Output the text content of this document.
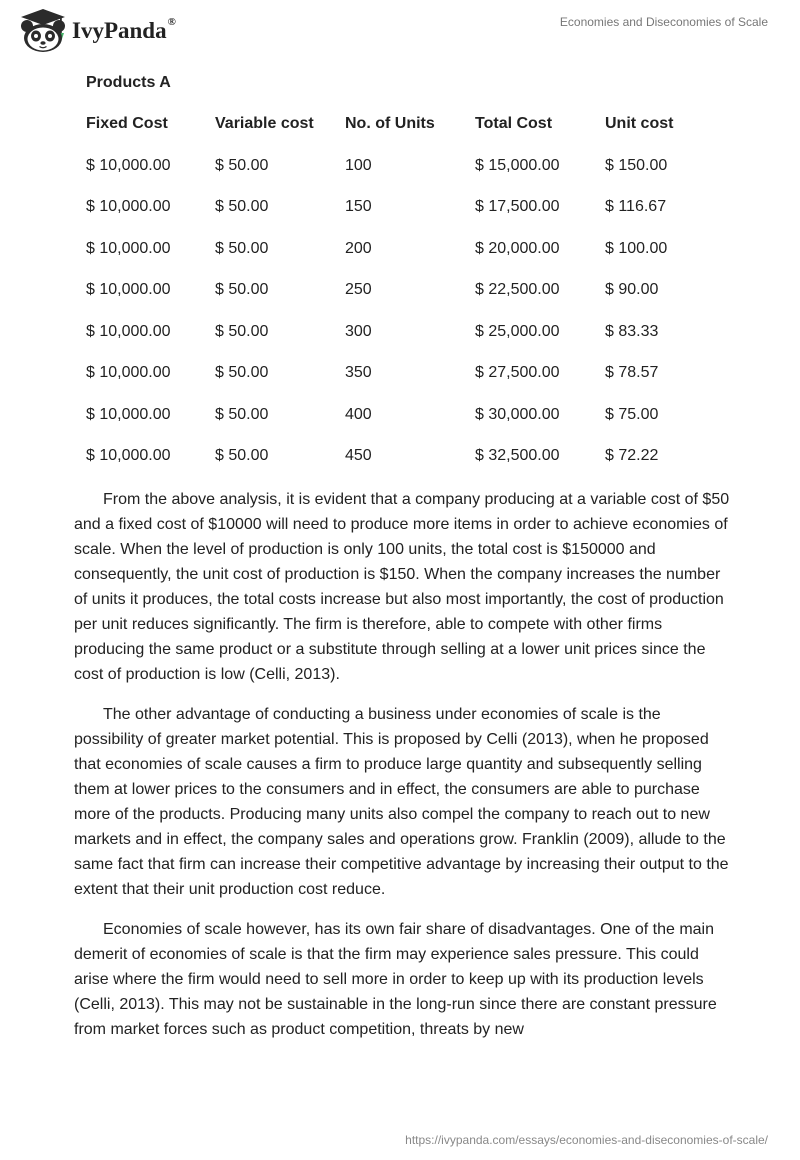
IvyPanda®	Economies and Diseconomies of Scale
Products A
Fixed Cost	Variable cost	No. of Units	Total Cost	Unit cost
$ 10,000.00	$ 50.00	100	$ 15,000.00	$ 150.00
$ 10,000.00	$ 50.00	150	$ 17,500.00	$ 116.67
$ 10,000.00	$ 50.00	200	$ 20,000.00	$ 100.00
$ 10,000.00	$ 50.00	250	$ 22,500.00	$ 90.00
$ 10,000.00	$ 50.00	300	$ 25,000.00	$ 83.33
$ 10,000.00	$ 50.00	350	$ 27,500.00	$ 78.57
$ 10,000.00	$ 50.00	400	$ 30,000.00	$ 75.00
$ 10,000.00	$ 50.00	450	$ 32,500.00	$ 72.22

From the above analysis, it is evident that a company producing at a variable cost of $50 and a fixed cost of $10000 will need to produce more items in order to achieve economies of scale. When the level of production is only 100 units, the total cost is $150000 and consequently, the unit cost of production is $150. When the company increases the number of units it produces, the total costs increase but also most importantly, the cost of production per unit reduces significantly. The firm is therefore, able to compete with other firms producing the same product or a substitute through selling at a lower unit prices since the cost of production is low (Celli, 2013).

The other advantage of conducting a business under economies of scale is the possibility of greater market potential. This is proposed by Celli (2013), when he proposed that economies of scale causes a firm to produce large quantity and subsequently selling them at lower prices to the consumers and in effect, the consumers are able to purchase more of the products. Producing many units also compel the company to reach out to new markets and in effect, the company sales and operations grow. Franklin (2009), allude to the same fact that firm can increase their competitive advantage by increasing their output to the extent that their unit production cost reduce.

Economies of scale however, has its own fair share of disadvantages. One of the main demerit of economies of scale is that the firm may experience sales pressure. This could arise where the firm would need to sell more in order to keep up with its production levels (Celli, 2013). This may not be sustainable in the long-run since there are constant pressure from market forces such as product competition, threats by new

https://ivypanda.com/essays/economies-and-diseconomies-of-scale/
